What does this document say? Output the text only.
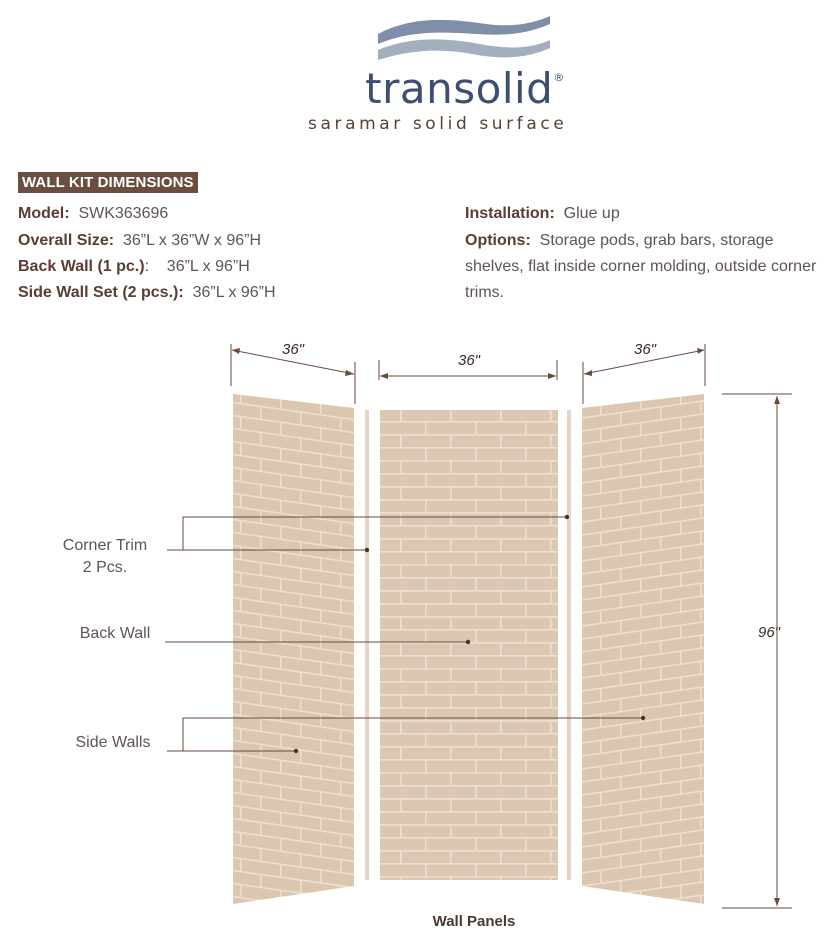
transolid®
saramar solid surface
WALL KIT DIMENSIONS
Model: SWK363696
Overall Size: 36”L x 36”W x 96”H
Back Wall (1 pc.):    36”L x 96”H
Side Wall Set (2 pcs.): 36”L x 96”H
Installation: Glue up
Options: Storage pods, grab bars, storage shelves, flat inside corner molding, outside corner trims.
36"
36"
36"
96"
Corner Trim
2 Pcs.
Back Wall
Side Walls
Wall Panels
